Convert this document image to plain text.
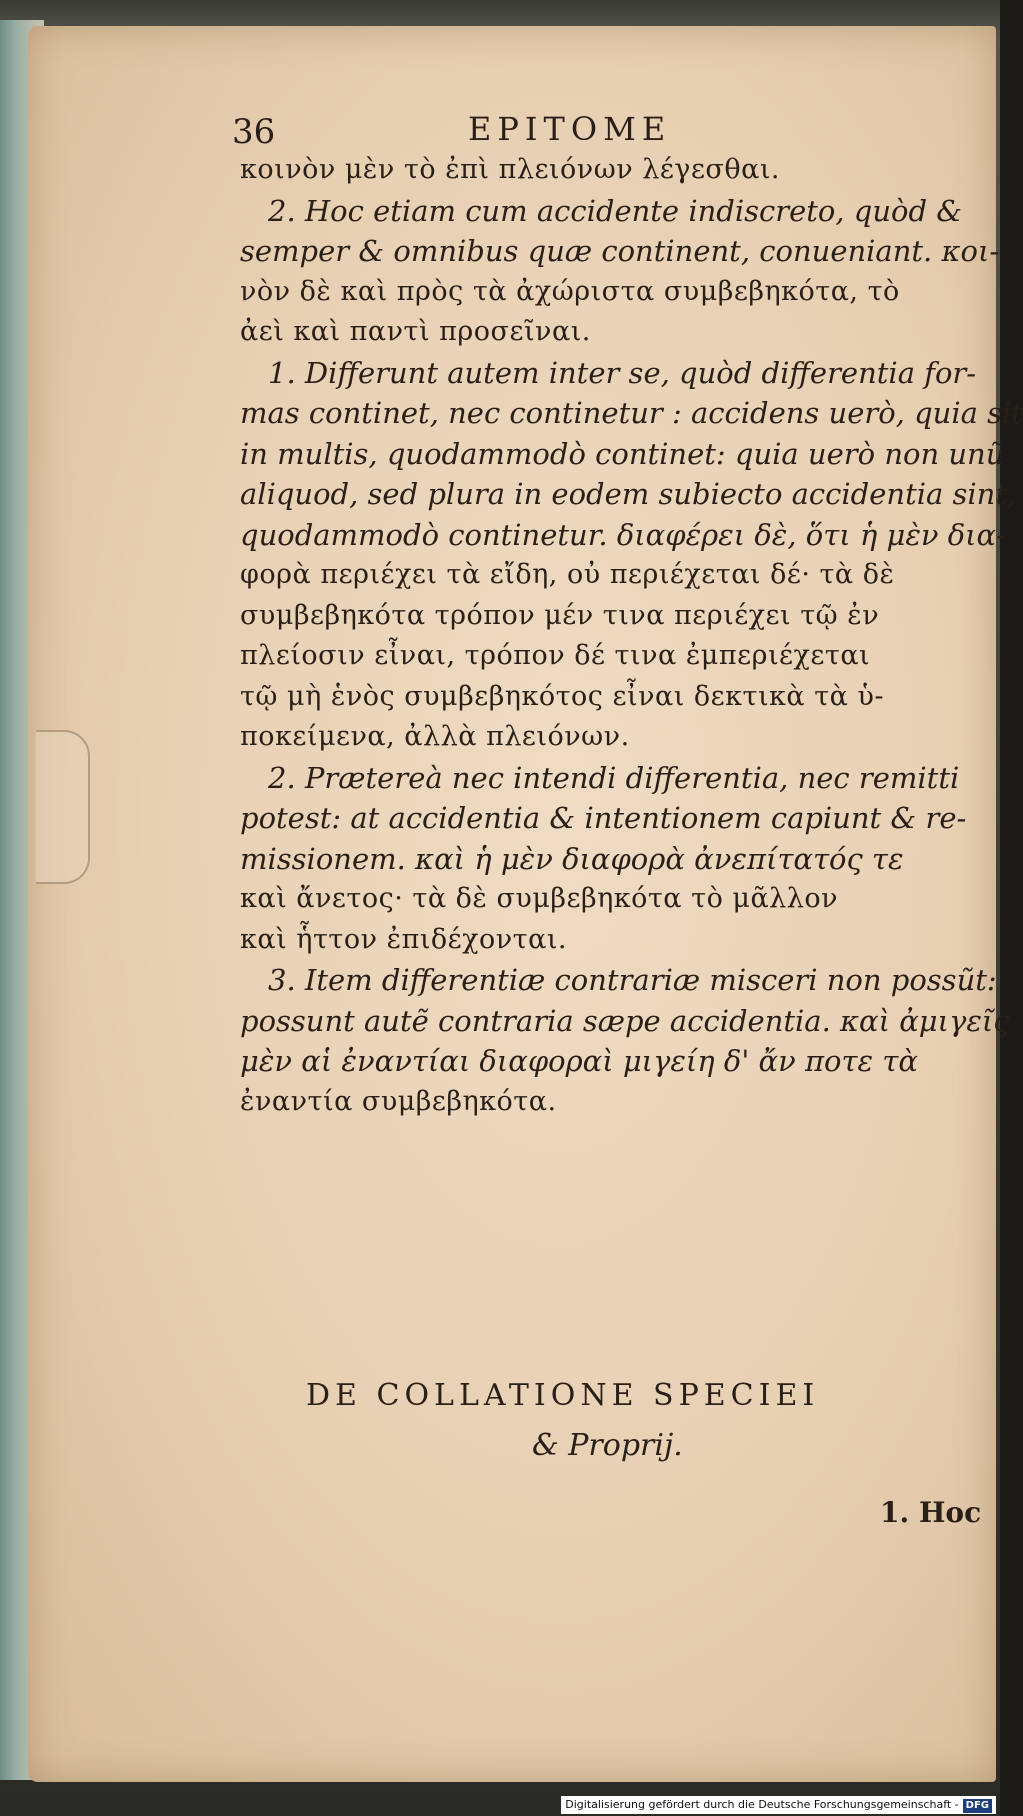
36	EPITOME

κοινὸν μὲν τὸ ἐπὶ πλειόνων λέγεσθαι.

2. Hoc etiam cum accidente indiscreto, quòd &

semper & omnibus quæ continent, conueniant. κοι-

νὸν δὲ καὶ πρὸς τὰ ἀχώριστα συμβεβηκότα, τὸ

ἀεὶ καὶ παντὶ προσεῖναι.

1. Differunt autem inter se, quòd differentia for-

mas continet, nec continetur : accidens uerò, quia sit

in multis, quodammodò continet: quia uerò non unũ

aliquod, sed plura in eodem subiecto accidentia sint,

quodammodò continetur. διαφέρει δὲ, ὅτι ἡ μὲν δια-

φορὰ περιέχει τὰ εἴδη, οὐ περιέχεται δέ· τὰ δὲ

συμβεβηκότα τρόπον μέν τινα περιέχει τῷ ἐν

πλείοσιν εἶναι, τρόπον δέ τινα ἐμπεριέχεται

τῷ μὴ ἑνὸς συμβεβηκότος εἶναι δεκτικὰ τὰ ὑ-

ποκείμενα, ἀλλὰ πλειόνων.

2. Prætereà nec intendi differentia, nec remitti

potest: at accidentia & intentionem capiunt & re-

missionem. καὶ ἡ μὲν διαφορὰ ἀνεπίτατός τε

καὶ ἄνετος· τὰ δὲ συμβεβηκότα τὸ μᾶλλον

καὶ ἧττον ἐπιδέχονται.

3. Item differentiæ contrariæ misceri non possũt:

possunt autẽ contraria sæpe accidentia. καὶ ἀμιγεῖς

μὲν αἱ ἐναντίαι διαφοραὶ μιγείη δ' ἄν ποτε τὰ

ἐναντία συμβεβηκότα.

DE COLLATIONE SPECIEI
& Proprij.
1. Hoc
Digitalisierung gefördert durch die Deutsche Forschungsgemeinschaft - DFG
